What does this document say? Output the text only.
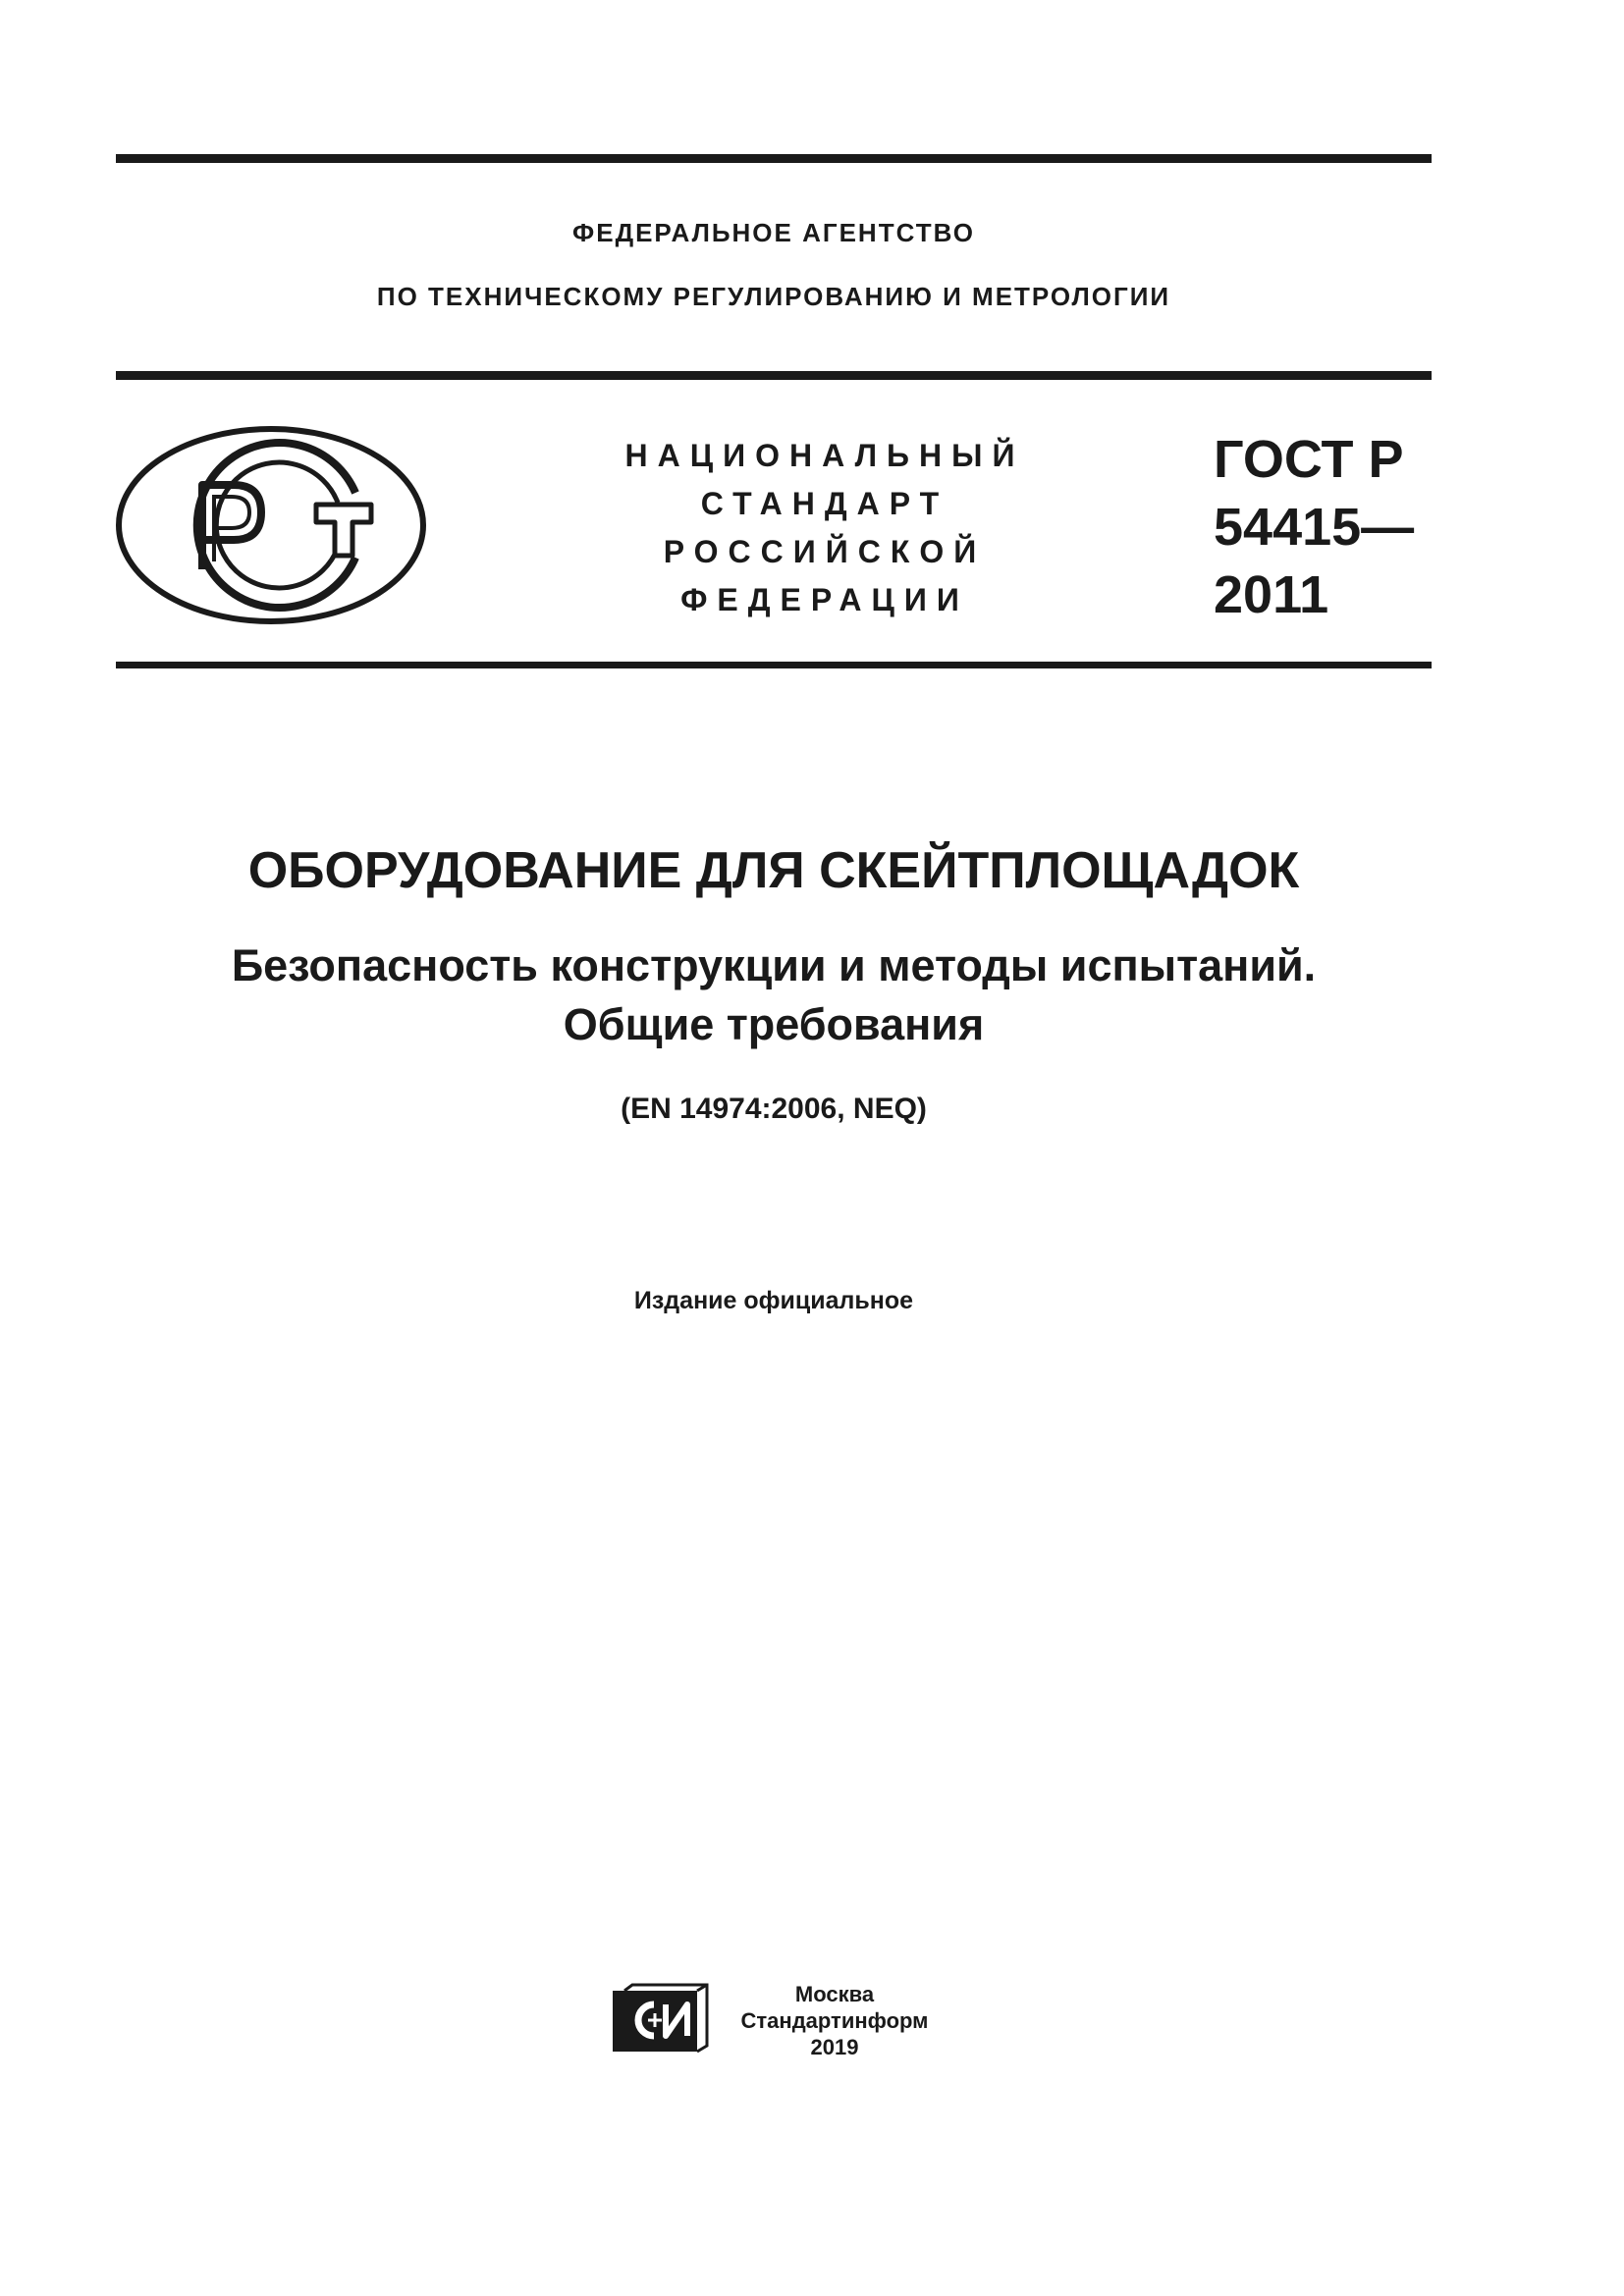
ФЕДЕРАЛЬНОЕ АГЕНТСТВО
ПО ТЕХНИЧЕСКОМУ РЕГУЛИРОВАНИЮ И МЕТРОЛОГИИ
НАЦИОНАЛЬНЫЙ
СТАНДАРТ
РОССИЙСКОЙ
ФЕДЕРАЦИИ
ГОСТ Р
54415—
2011
ОБОРУДОВАНИЕ ДЛЯ СКЕЙТПЛОЩАДОК
Безопасность конструкции и методы испытаний.
Общие требования
(EN 14974:2006, NEQ)
Издание официальное
Москва
Стандартинформ
2019
